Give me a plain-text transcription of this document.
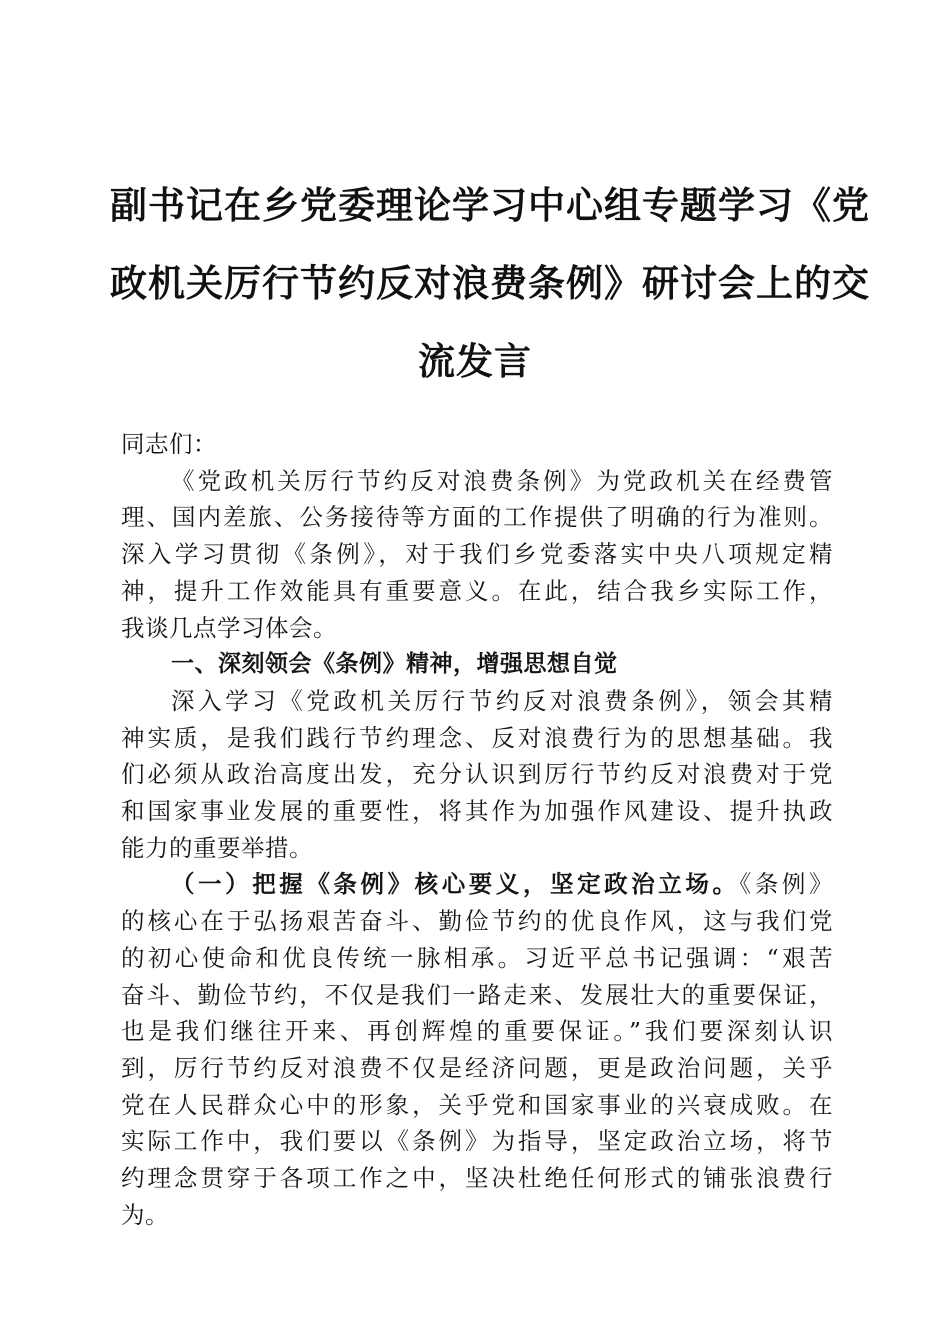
副书记在乡党委理论学习中心组专题学习《党
政机关厉行节约反对浪费条例》研讨会上的交
流发言
同志们：
《党政机关厉行节约反对浪费条例》为党政机关在经费管
理、国内差旅、公务接待等方面的工作提供了明确的行为准则。
深入学习贯彻《条例》，对于我们乡党委落实中央八项规定精
神，提升工作效能具有重要意义。在此，结合我乡实际工作，
我谈几点学习体会。
一、深刻领会《条例》精神，增强思想自觉
深入学习《党政机关厉行节约反对浪费条例》，领会其精
神实质，是我们践行节约理念、反对浪费行为的思想基础。我
们必须从政治高度出发，充分认识到厉行节约反对浪费对于党
和国家事业发展的重要性，将其作为加强作风建设、提升执政
能力的重要举措。
（一）把握《条例》核心要义，坚定政治立场。《条例》
的核心在于弘扬艰苦奋斗、勤俭节约的优良作风，这与我们党
的初心使命和优良传统一脉相承。习近平总书记强调：“艰苦
奋斗、勤俭节约，不仅是我们一路走来、发展壮大的重要保证，
也是我们继往开来、再创辉煌的重要保证。”我们要深刻认识
到，厉行节约反对浪费不仅是经济问题，更是政治问题，关乎
党在人民群众心中的形象，关乎党和国家事业的兴衰成败。在
实际工作中，我们要以《条例》为指导，坚定政治立场，将节
约理念贯穿于各项工作之中，坚决杜绝任何形式的铺张浪费行
为。
